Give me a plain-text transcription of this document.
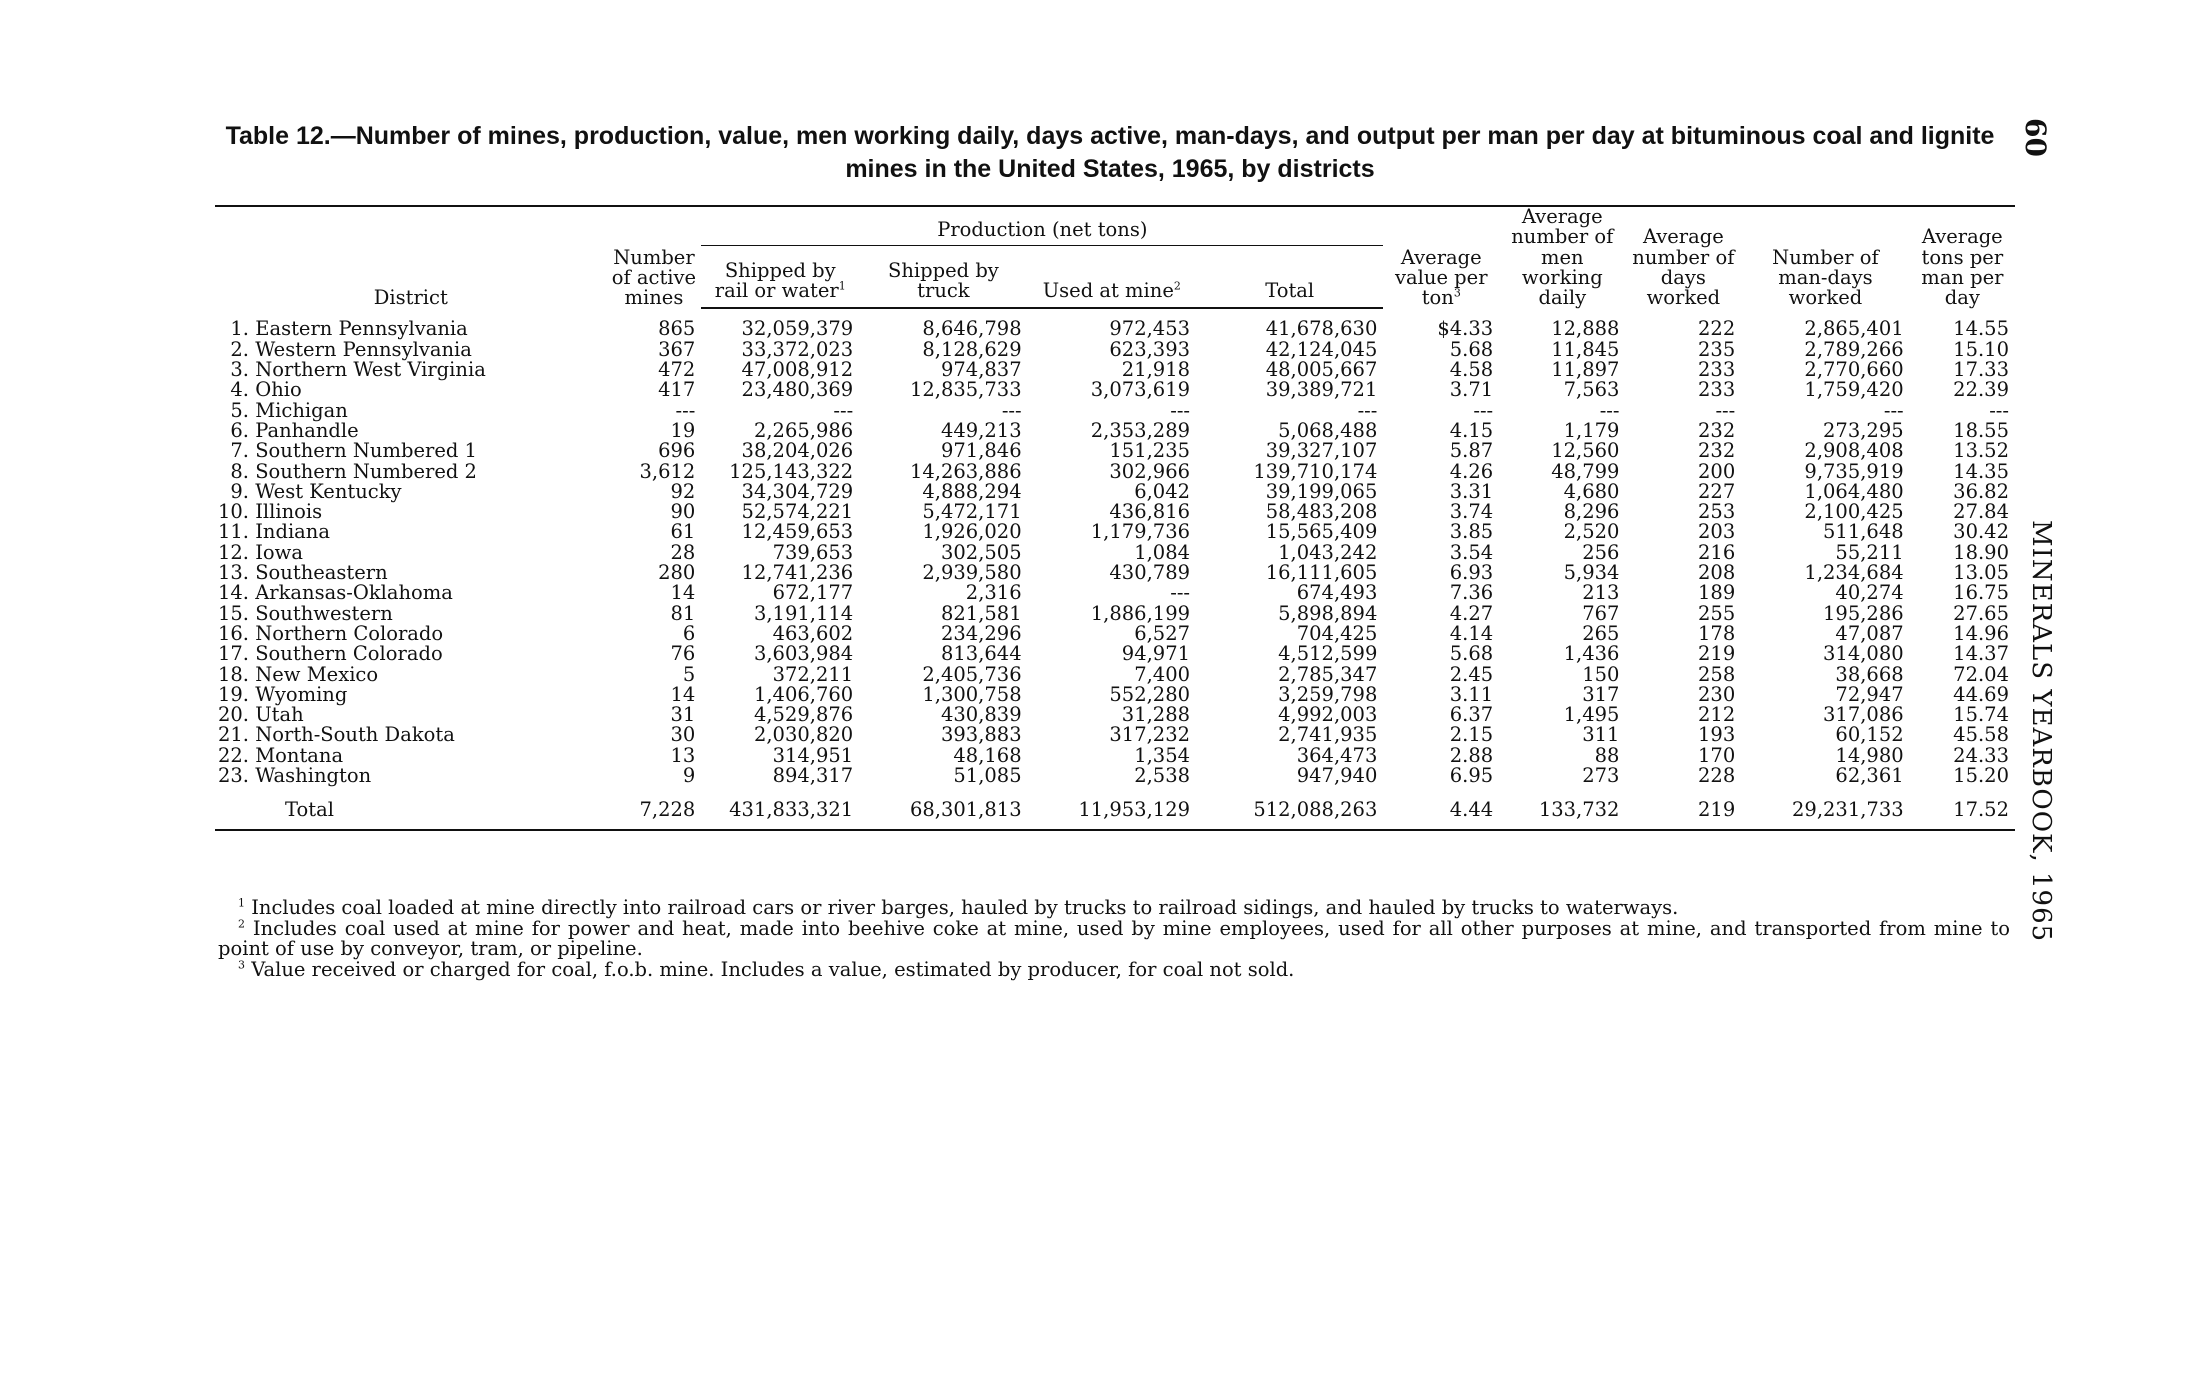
Table 12.—Number of mines, production, value, men working daily, days active, man-days, and output per man per day at bituminous coal and lignite mines in the United States, 1965, by districts
60
MINERALS YEARBOOK, 1965
District	Number of active mines	Production (net tons)				Average value per ton$^3$	Average number of men working daily	Average number of days worked	Number of man-days worked	Average tons per man per day
		Shipped by rail or water$^1$	Shipped by truck	Used at mine$^2$	Total					
1. Eastern Pennsylvania	865	32,059,379	8,646,798	972,453	41,678,630	$4.33	12,888	222	2,865,401	14.55
2. Western Pennsylvania	367	33,372,023	8,128,629	623,393	42,124,045	5.68	11,845	235	2,789,266	15.10
3. Northern West Virginia	472	47,008,912	974,837	21,918	48,005,667	4.58	11,897	233	2,770,660	17.33
4. Ohio	417	23,480,369	12,835,733	3,073,619	39,389,721	3.71	7,563	233	1,759,420	22.39
5. Michigan	---	---	---	---	---	---	---	---	---	---
6. Panhandle	19	2,265,986	449,213	2,353,289	5,068,488	4.15	1,179	232	273,295	18.55
7. Southern Numbered 1	696	38,204,026	971,846	151,235	39,327,107	5.87	12,560	232	2,908,408	13.52
8. Southern Numbered 2	3,612	125,143,322	14,263,886	302,966	139,710,174	4.26	48,799	200	9,735,919	14.35
9. West Kentucky	92	34,304,729	4,888,294	6,042	39,199,065	3.31	4,680	227	1,064,480	36.82
10. Illinois	90	52,574,221	5,472,171	436,816	58,483,208	3.74	8,296	253	2,100,425	27.84
11. Indiana	61	12,459,653	1,926,020	1,179,736	15,565,409	3.85	2,520	203	511,648	30.42
12. Iowa	28	739,653	302,505	1,084	1,043,242	3.54	256	216	55,211	18.90
13. Southeastern	280	12,741,236	2,939,580	430,789	16,111,605	6.93	5,934	208	1,234,684	13.05
14. Arkansas-Oklahoma	14	672,177	2,316	---	674,493	7.36	213	189	40,274	16.75
15. Southwestern	81	3,191,114	821,581	1,886,199	5,898,894	4.27	767	255	195,286	27.65
16. Northern Colorado	6	463,602	234,296	6,527	704,425	4.14	265	178	47,087	14.96
17. Southern Colorado	76	3,603,984	813,644	94,971	4,512,599	5.68	1,436	219	314,080	14.37
18. New Mexico	5	372,211	2,405,736	7,400	2,785,347	2.45	150	258	38,668	72.04
19. Wyoming	14	1,406,760	1,300,758	552,280	3,259,798	3.11	317	230	72,947	44.69
20. Utah	31	4,529,876	430,839	31,288	4,992,003	6.37	1,495	212	317,086	15.74
21. North-South Dakota	30	2,030,820	393,883	317,232	2,741,935	2.15	311	193	60,152	45.58
22. Montana	13	314,951	48,168	1,354	364,473	2.88	88	170	14,980	24.33
23. Washington	9	894,317	51,085	2,538	947,940	6.95	273	228	62,361	15.20
Total	7,228	431,833,321	68,301,813	11,953,129	512,088,263	4.44	133,732	219	29,231,733	17.52

$^1$ Includes coal loaded at mine directly into railroad cars or river barges, hauled by trucks to railroad sidings, and hauled by trucks to waterways.

$^2$ Includes coal used at mine for power and heat, made into beehive coke at mine, used by mine employees, used for all other purposes at mine, and transported from mine to point of use by conveyor, tram, or pipeline.

$^3$ Value received or charged for coal, f.o.b. mine. Includes a value, estimated by producer, for coal not sold.
